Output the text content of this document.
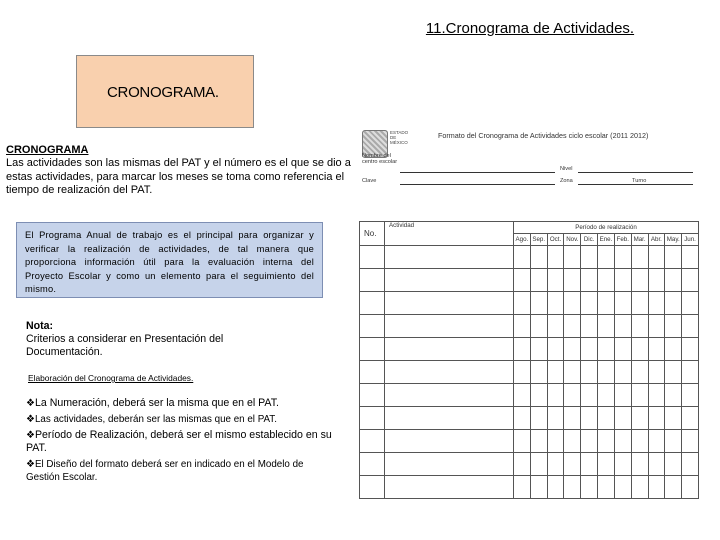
11.Cronograma de Actividades.
CRONOGRAMA.
CRONOGRAMA
Las actividades son las mismas del PAT y el número es el que se dio a estas actividades, para marcar los meses se toma como referencia el tiempo de realización del PAT.
El Programa Anual de trabajo es el principal para organizar y verificar la realización de actividades, de tal manera que proporciona información útil para la evaluación interna del Proyecto Escolar y como un elemento para el seguimiento del mismo.
Nota:
Criterios a considerar en Presentación del Documentación.
Elaboración del Cronograma de Actividades.
❖La Numeración, deberá ser la misma que en el PAT.
❖Las actividades, deberán ser las mismas que en el PAT.
❖Período de Realización, deberá ser el mismo establecido en su PAT.
❖El Diseño del formato deberá ser en indicado en el Modelo de Gestión Escolar.
ESTADO
DE
MÉXICO
Formato del Cronograma de Actividades ciclo escolar (2011 2012)
Nombre del centro escolar
Clave
Nivel
Zona	Turno
No.	Actividad	Período de realización										
		Ago.	Sep.	Oct.	Nov.	Dic.	Ene.	Feb.	Mar.	Abr.	May.	Jun.
